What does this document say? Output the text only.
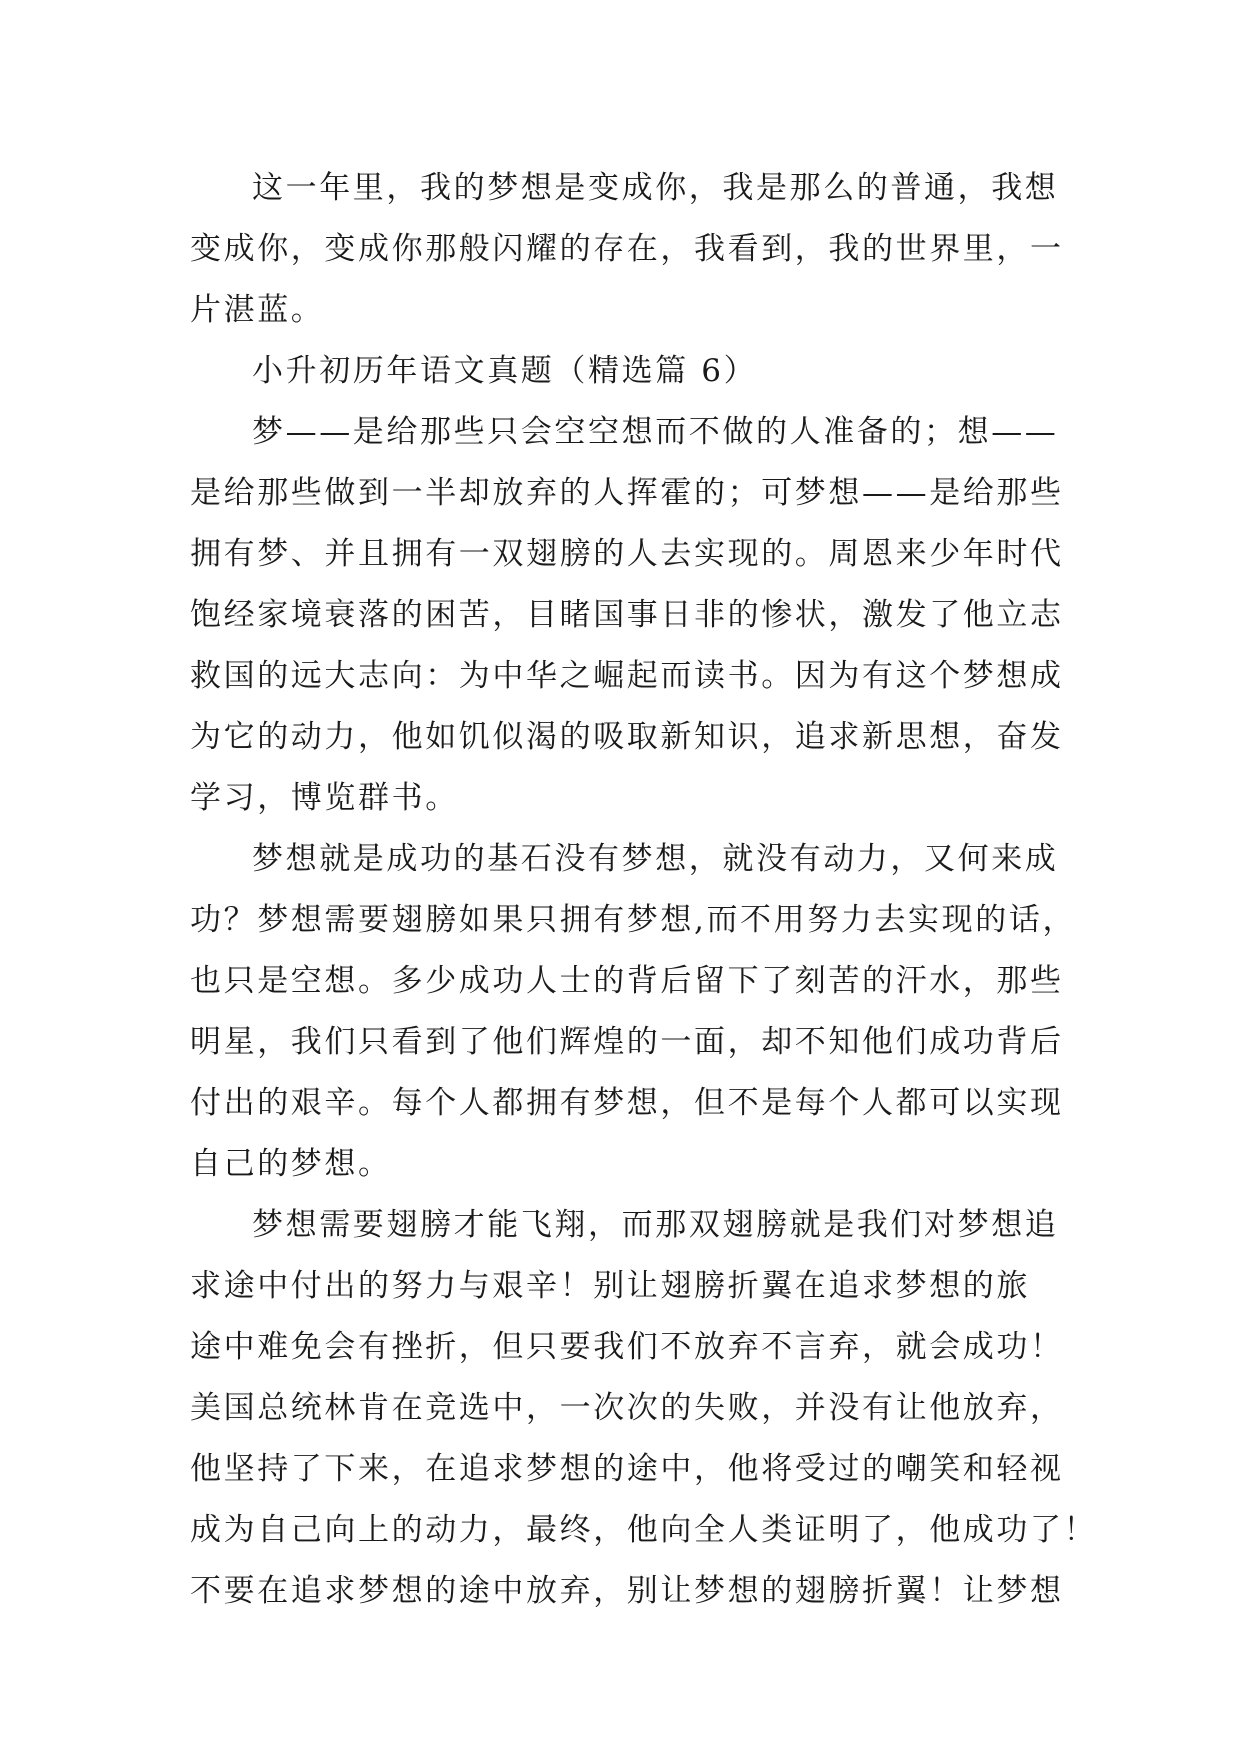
这一年里，我的梦想是变成你，我是那么的普通，我想
变成你，变成你那般闪耀的存在，我看到，我的世界里，一
片湛蓝。

小升初历年语文真题（精选篇 6）

梦——是给那些只会空空想而不做的人准备的；想——
是给那些做到一半却放弃的人挥霍的；可梦想——是给那些
拥有梦、并且拥有一双翅膀的人去实现的。周恩来少年时代
饱经家境衰落的困苦，目睹国事日非的惨状，激发了他立志
救国的远大志向：为中华之崛起而读书。因为有这个梦想成
为它的动力，他如饥似渴的吸取新知识，追求新思想，奋发
学习，博览群书。

梦想就是成功的基石没有梦想，就没有动力，又何来成
功？梦想需要翅膀如果只拥有梦想,而不用努力去实现的话，
也只是空想。多少成功人士的背后留下了刻苦的汗水，那些
明星，我们只看到了他们辉煌的一面，却不知他们成功背后
付出的艰辛。每个人都拥有梦想，但不是每个人都可以实现
自己的梦想。

梦想需要翅膀才能飞翔，而那双翅膀就是我们对梦想追
求途中付出的努力与艰辛！别让翅膀折翼在追求梦想的旅
途中难免会有挫折，但只要我们不放弃不言弃，就会成功！
美国总统林肯在竞选中，一次次的失败，并没有让他放弃，
他坚持了下来，在追求梦想的途中，他将受过的嘲笑和轻视
成为自己向上的动力，最终，他向全人类证明了，他成功了！
不要在追求梦想的途中放弃，别让梦想的翅膀折翼！让梦想
